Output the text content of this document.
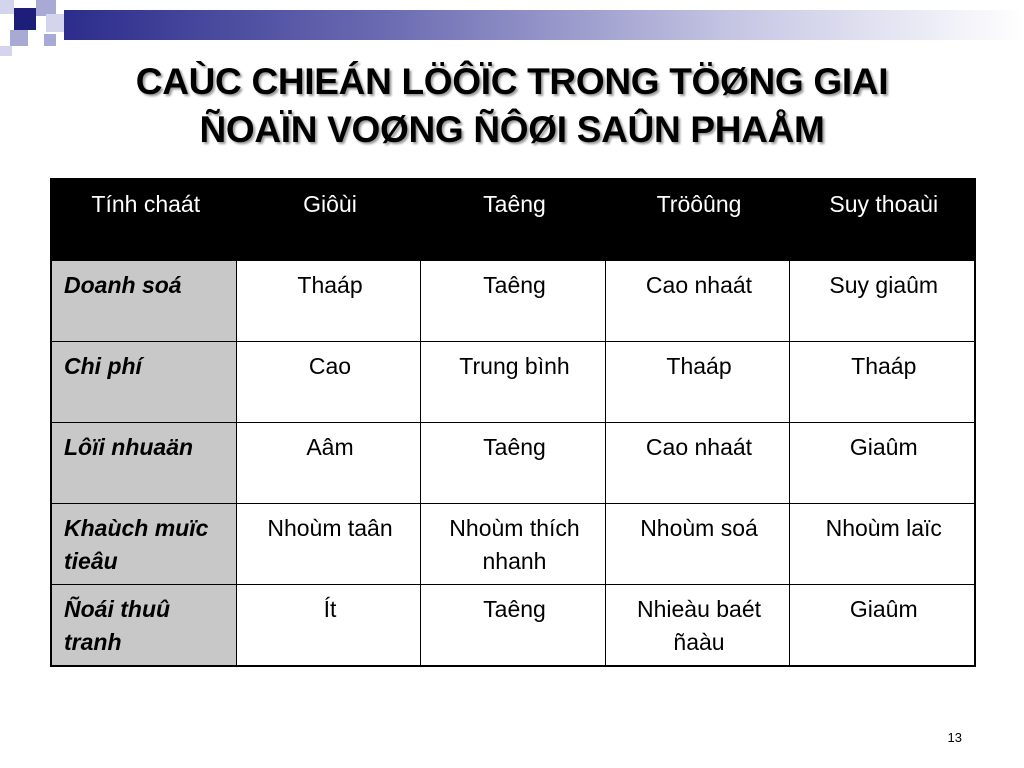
CAÙC CHIEÁN LÖÔÏC TRONG TÖØNG GIAI
ÑOAÏN VOØNG ÑÔØI SAÛN PHAÅM
Tính chaát	Giôùi	Taêng	Tröôûng	Suy thoaùi
Doanh soá	Thaáp	Taêng	Cao nhaát	Suy giaûm
Chi phí	Cao	Trung bình	Thaáp	Thaáp
Lôïi nhuaän	Aâm	Taêng	Cao nhaát	Giaûm
Khaùch muïc tieâu	Nhoùm taân	Nhoùm thích nhanh	Nhoùm soá	Nhoùm laïc
Ñoái thuû tranh	Ít	Taêng	Nhieàu baét ñaàu	Giaûm
13
